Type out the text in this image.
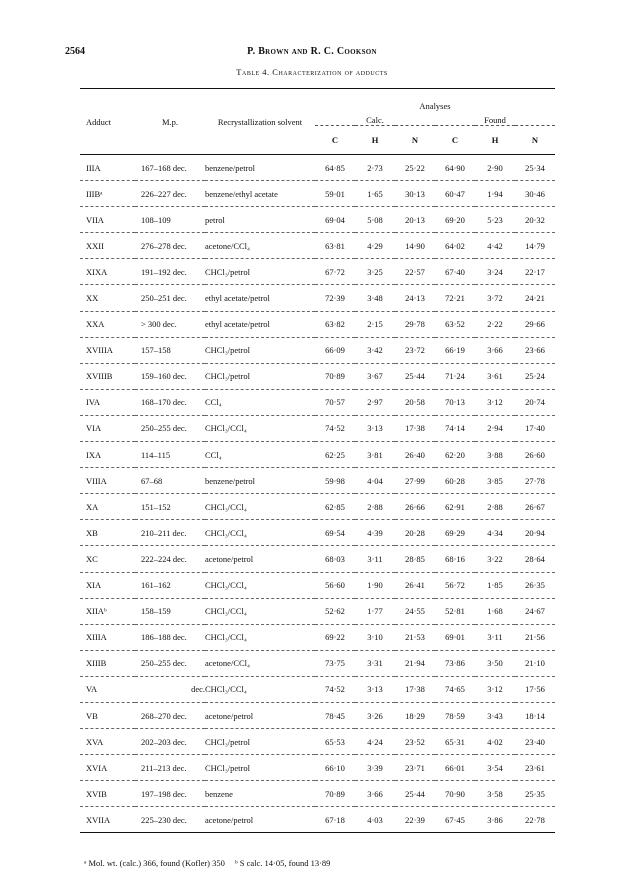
2564	P. Brown and R. C. Cookson
Table 4. Characterization of adducts
Adduct	M.p.	Recrystallization solvent	Analyses					
			Calc.			Found		
			C	H	N	C	H	N
IIIA	167–168 dec.	benzene/petrol	64·85	2·73	25·22	64·90	2·90	25·34
IIIBᵃ	226–227 dec.	benzene/ethyl acetate	59·01	1·65	30·13	60·47	1·94	30·46
VIIA	108–109	petrol	69·04	5·08	20·13	69·20	5·23	20·32
XXII	276–278 dec.	acetone/CCl₄	63·81	4·29	14·90	64·02	4·42	14·79
XIXA	191–192 dec.	CHCl₃/petrol	67·72	3·25	22·57	67·40	3·24	22·17
XX	250–251 dec.	ethyl acetate/petrol	72·39	3·48	24·13	72·21	3·72	24·21
XXA	> 300 dec.	ethyl acetate/petrol	63·82	2·15	29·78	63·52	2·22	29·66
XVIIIA	157–158	CHCl₃/petrol	66·09	3·42	23·72	66·19	3·66	23·66
XVIIIB	159–160 dec.	CHCl₃/petrol	70·89	3·67	25·44	71·24	3·61	25·24
IVA	168–170 dec.	CCl₄	70·57	2·97	20·58	70·13	3·12	20·74
VIA	250–255 dec.	CHCl₃/CCl₄	74·52	3·13	17·38	74·14	2·94	17·40
IXA	114–115	CCl₄	62·25	3·81	26·40	62·20	3·88	26·60
VIIIA	67–68	benzene/petrol	59·98	4·04	27·99	60·28	3·85	27·78
XA	151–152	CHCl₃/CCl₄	62·85	2·88	26·66	62·91	2·88	26·67
XB	210–211 dec.	CHCl₃/CCl₄	69·54	4·39	20·28	69·29	4·34	20·94
XC	222–224 dec.	acetone/petrol	68·03	3·11	28·85	68·16	3·22	28·64
XIA	161–162	CHCl₃/CCl₄	56·60	1·90	26·41	56·72	1·85	26·35
XIIAᵇ	158–159	CHCl₃/CCl₄	52·62	1·77	24·55	52·81	1·68	24·67
XIIIA	186–188 dec.	CHCl₃/CCl₄	69·22	3·10	21·53	69·01	3·11	21·56
XIIIB	250–255 dec.	acetone/CCl₄	73·75	3·31	21·94	73·86	3·50	21·10
VA	dec.	CHCl₃/CCl₄	74·52	3·13	17·38	74·65	3·12	17·56
VB	268–270 dec.	acetone/petrol	78·45	3·26	18·29	78·59	3·43	18·14
XVA	202–203 dec.	CHCl₃/petrol	65·53	4·24	23·52	65·31	4·02	23·40
XVIA	211–213 dec.	CHCl₃/petrol	66·10	3·39	23·71	66·01	3·54	23·61
XVIB	197–198 dec.	benzene	70·89	3·66	25·44	70·90	3·58	25·35
XVIIA	225–230 dec.	acetone/petrol	67·18	4·03	22·39	67·45	3·86	22·78
ᵃ Mol. wt. (calc.) 366, found (Kofler) 350 ᵇ S calc. 14·05, found 13·89
